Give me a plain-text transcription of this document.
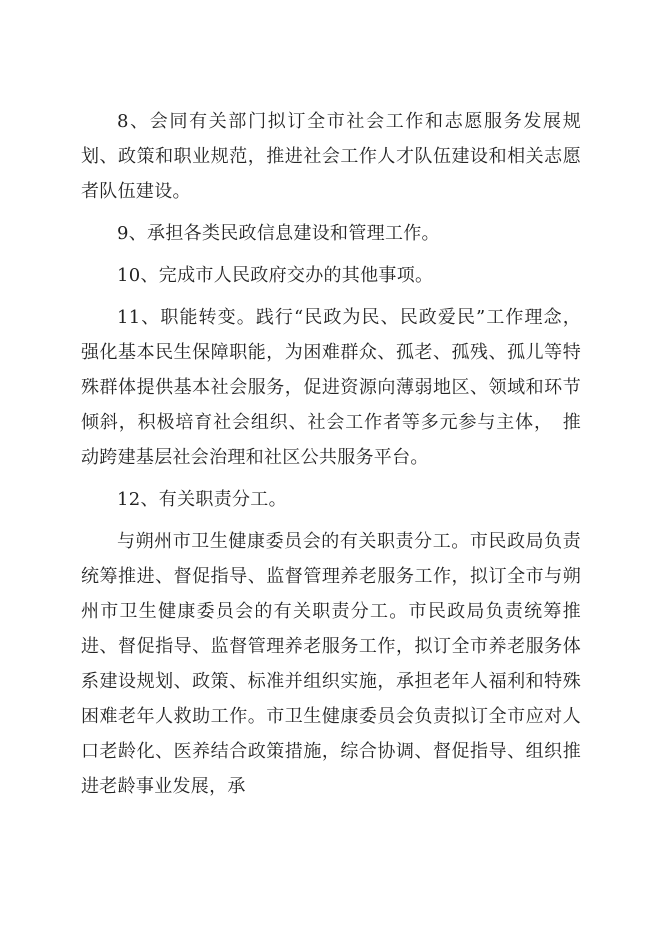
8、会同有关部门拟订全市社会工作和志愿服务发展规划、政策和职业规范，推进社会工作人才队伍建设和相关志愿者队伍建设。

9、承担各类民政信息建设和管理工作。

10、完成市人民政府交办的其他事项。

11、职能转变。践行“民政为民、民政爱民”工作理念， 强化基本民生保障职能，为困难群众、孤老、孤残、孤儿等特殊群体提供基本社会服务，促进资源向薄弱地区、领域和环节倾斜，积极培育社会组织、社会工作者等多元参与主体，　推动跨建基层社会治理和社区公共服务平台。

12、有关职责分工。

与朔州市卫生健康委员会的有关职责分工。市民政局负责统筹推进、督促指导、监督管理养老服务工作，拟订全市与朔州市卫生健康委员会的有关职责分工。市民政局负责统筹推进、督促指导、监督管理养老服务工作，拟订全市养老服务体系建设规划、政策、标准并组织实施，承担老年人福利和特殊困难老年人救助工作。市卫生健康委员会负责拟订全市应对人口老龄化、医养结合政策措施，综合协调、督促指导、组织推进老龄事业发展，承
